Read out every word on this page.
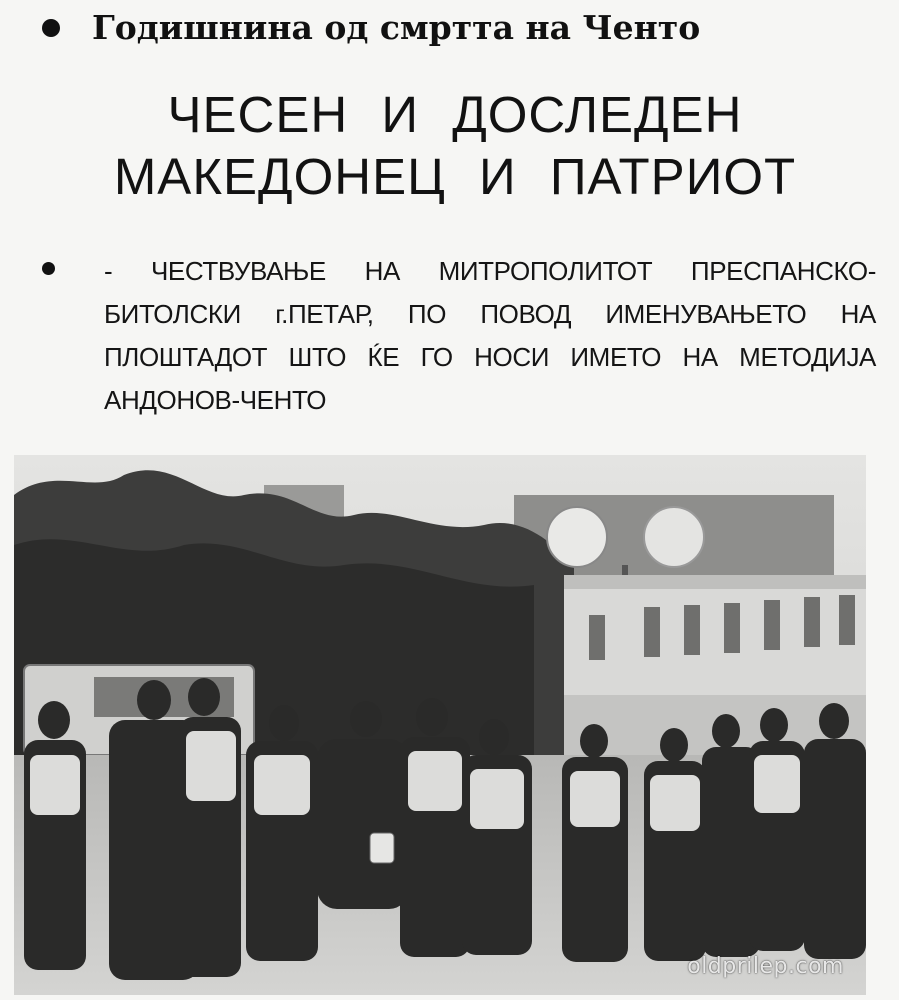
Годишнина од смртта на Ченто
ЧЕСЕН И ДОСЛЕДЕН
МАКЕДОНЕЦ И ПАТРИОТ
- ЧЕСТВУВАЊЕ НА МИТРОПОЛИТОТ ПРЕСПАНСКО-БИТОЛСКИ г.ПЕТАР, ПО ПОВОД ИМЕНУВАЊЕТО НА ПЛОШТАДОТ ШТО ЌЕ ГО НОСИ ИМЕТО НА МЕТОДИЈА АНДОНОВ-ЧЕНТО
oldprilep.com
